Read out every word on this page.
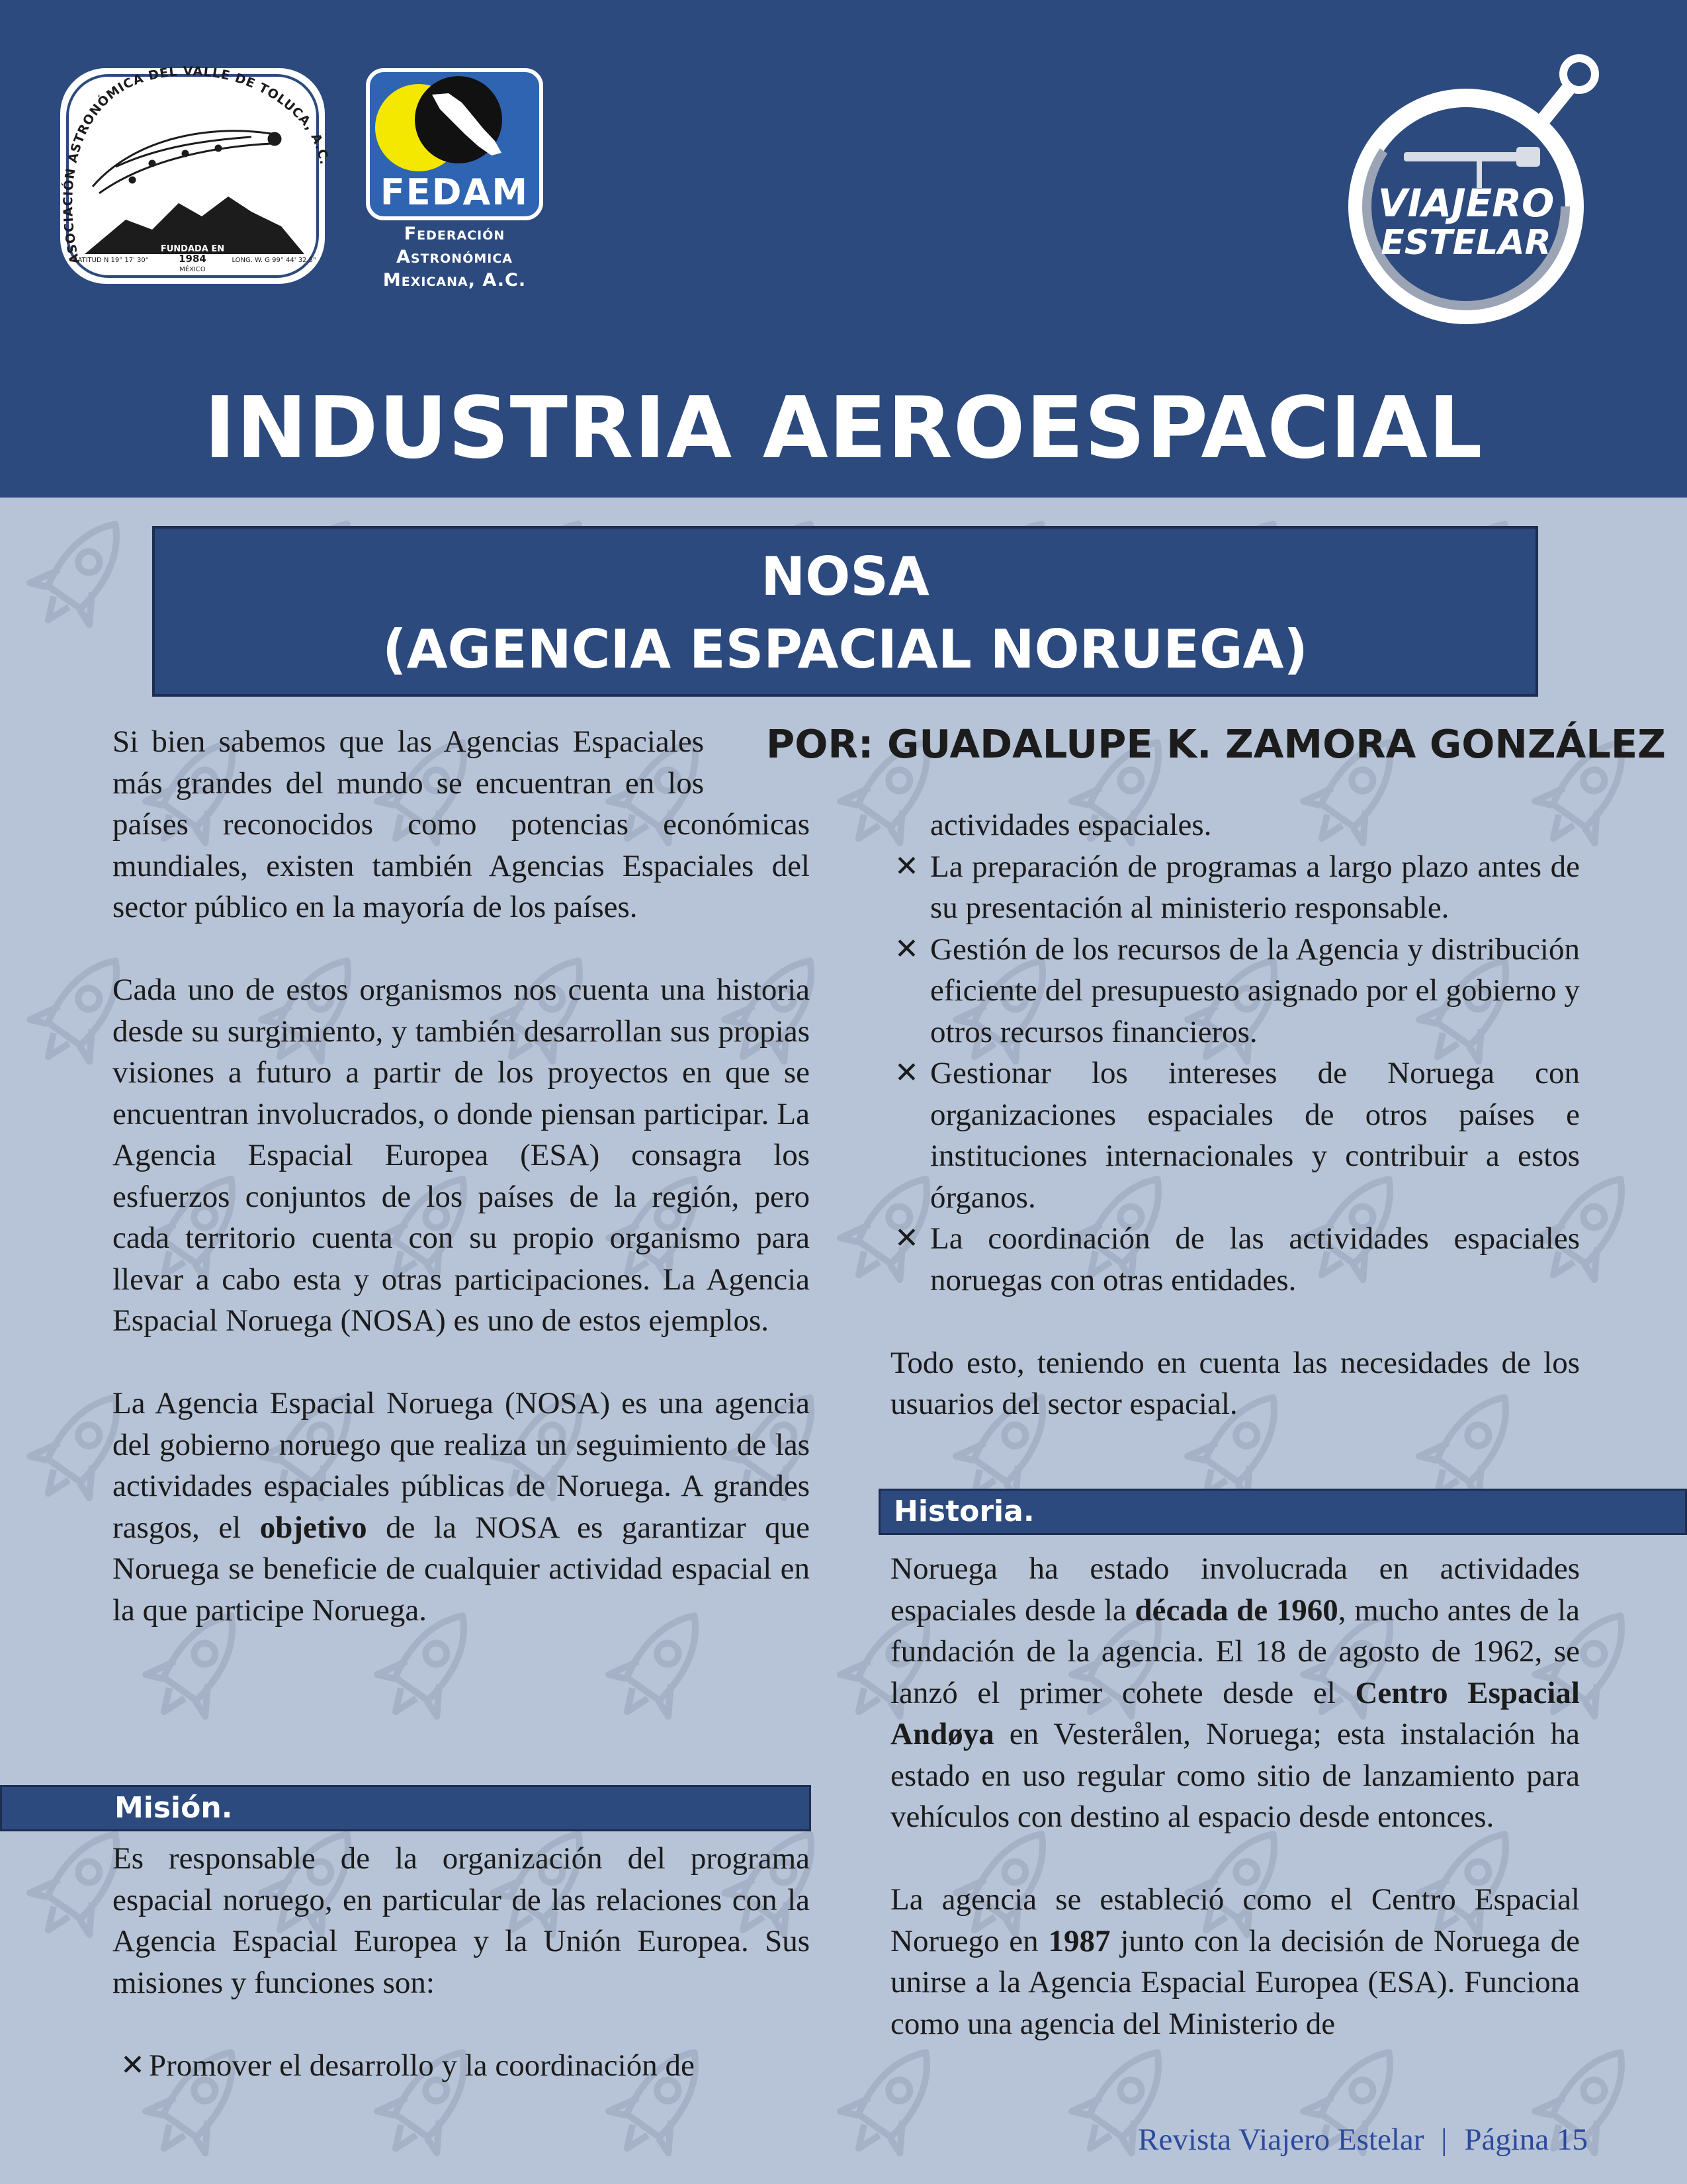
ASOCIACIÓN ASTRONÓMICA DEL VALLE DE TOLUCA, A.C.
FUNDADA EN
1984
LATITUD N 19° 17' 30"
MÉXICO
LONG. W. G 99° 44' 32.5"
FEDAM
Federación
Astronómica
Mexicana, A.C.
VIAJERO
ESTELAR
INDUSTRIA AEROESPACIAL
NOSA
(AGENCIA ESPACIAL NORUEGA)
POR: GUADALUPE K. ZAMORA GONZÁLEZ

Si bien sabemos que las Agencias Espaciales más grandes del mundo se encuentran en los países reconocidos como potencias económicas mundiales, existen también Agencias Espaciales del sector público en la mayoría de los países.

Cada uno de estos organismos nos cuenta una historia desde su surgimiento, y también desarrollan sus propias visiones a futuro a partir de los proyectos en que se encuentran involucrados, o donde piensan participar. La Agencia Espacial Europea (ESA) consagra los esfuerzos conjuntos de los países de la región, pero cada territorio cuenta con su propio organismo para llevar a cabo esta y otras participaciones. La Agencia Espacial Noruega (NOSA) es uno de estos ejemplos.

La Agencia Espacial Noruega (NOSA) es una agencia del gobierno noruego que realiza un seguimiento de las actividades espaciales públicas de Noruega. A grandes rasgos, el objetivo de la NOSA es garantizar que Noruega se beneficie de cualquier actividad espacial en la que participe Noruega.

Misión.

Es responsable de la organización del programa espacial noruego, en particular de las relaciones con la Agencia Espacial Europea y la Unión Europea. Sus misiones y funciones son:

✕ Promover el desarrollo y la coordinación de
actividades espaciales.
✕ La preparación de programas a largo plazo antes de su presentación al ministerio responsable.
✕ Gestión de los recursos de la Agencia y distribución eficiente del presupuesto asignado por el gobierno y otros recursos financieros.
✕ Gestionar los intereses de Noruega con organizaciones espaciales de otros países e instituciones internacionales y contribuir a estos órganos.
✕ La coordinación de las actividades espaciales noruegas con otras entidades.

Todo esto, teniendo en cuenta las necesidades de los usuarios del sector espacial.

Historia.

Noruega ha estado involucrada en actividades espaciales desde la década de 1960, mucho antes de la fundación de la agencia. El 18 de agosto de 1962, se lanzó el primer cohete desde el Centro Espacial Andøya en Vesterålen, Noruega; esta instalación ha estado en uso regular como sitio de lanzamiento para vehículos con destino al espacio desde entonces.

La agencia se estableció como el Centro Espacial Noruego en 1987 junto con la decisión de Noruega de unirse a la Agencia Espacial Europea (ESA). Funciona como una agencia del Ministerio de

Revista Viajero Estelar | Página 15
